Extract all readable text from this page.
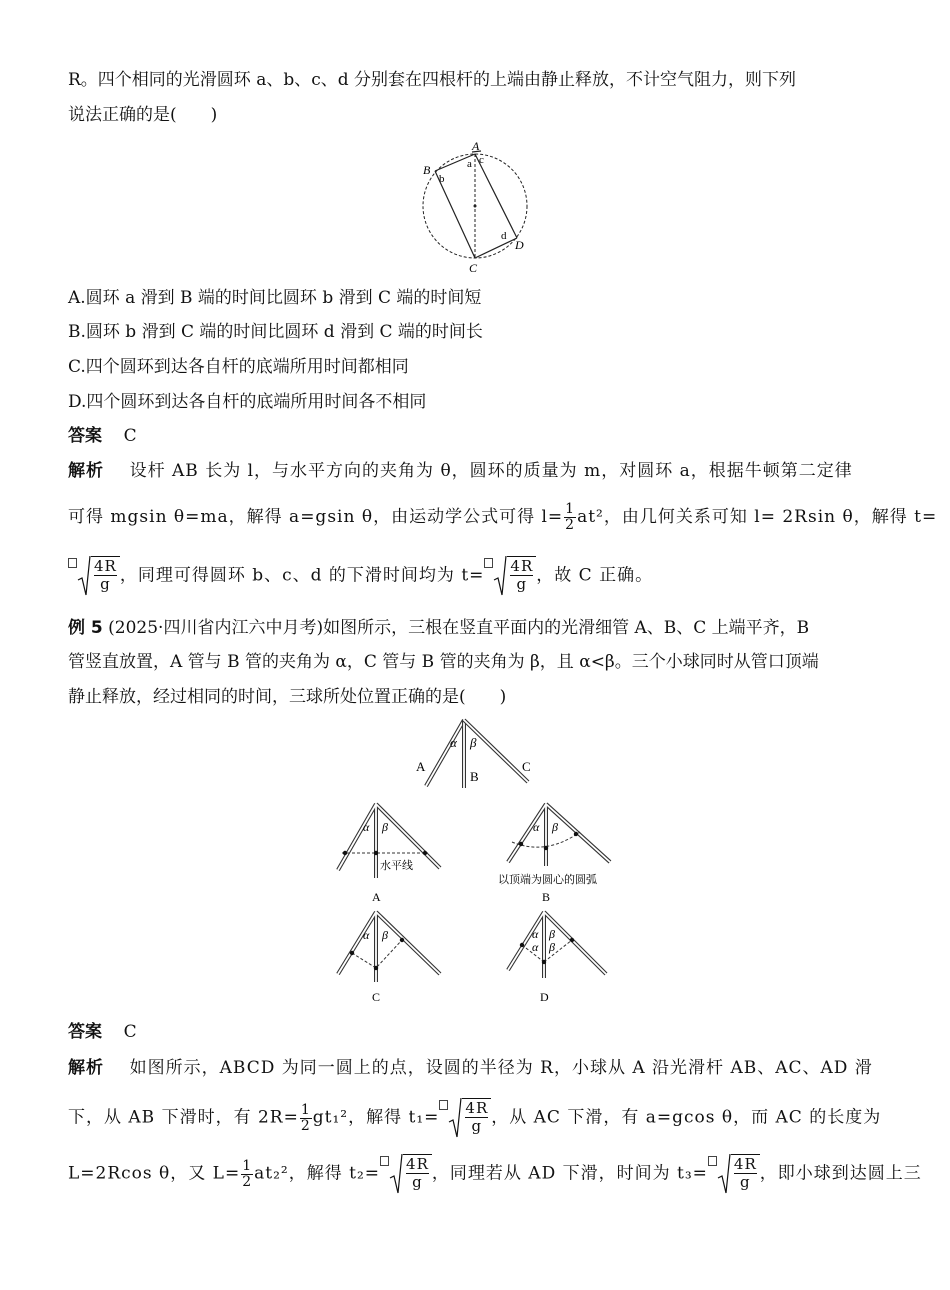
R。四个相同的光滑圆环 a、b、c、d 分别套在四根杆的上端由静止释放，不计空气阻力，则下列
说法正确的是(　　)
A
B
C
D
a
b
c
d
A.圆环 a 滑到 B 端的时间比圆环 b 滑到 C 端的时间短
B.圆环 b 滑到 C 端的时间比圆环 d 滑到 C 端的时间长
C.四个圆环到达各自杆的底端所用时间都相同
D.四个圆环到达各自杆的底端所用时间各不相同
答案 C
解析 设杆 AB 长为 l，与水平方向的夹角为 θ，圆环的质量为 m，对圆环 a，根据牛顿第二定律
可得 mgsin θ=ma，解得 a=gsin θ，由运动学公式可得 $l= \frac{1}{2} at^2$，由几何关系可知 l= 2Rsin θ，解得 t=
$\frac{4R}{g}$ ，同理可得圆环 b、c、d 的下滑时间均为 $t= \frac{4R}{g}$ ，故 C 正确。
例 5 (2025·四川省内江六中月考)如图所示，三根在竖直平面内的光滑细管 A、B、C 上端平齐，B
管竖直放置，A 管与 B 管的夹角为 α，C 管与 B 管的夹角为 β，且 α<β。三个小球同时从管口顶端
静止释放，经过相同的时间，三球所处位置正确的是(　　)
α β
A
B
C
α β
水平线
A
α β
以顶端为圆心的圆弧
B
α β
C
α β
α β
D
答案 C
解析 如图所示，ABCD 为同一圆上的点，设圆的半径为 R，小球从 A 沿光滑杆 AB、AC、AD 滑
下，从 AB 下滑时，有 $2R= \frac{1}{2} gt_1^2$，解得 $t_1= \frac{4R}{g}$ ，从 AC 下滑，有 a=gcos θ，而 AC 的长度为
L=2Rcos θ，又 $L= \frac{1}{2} at_2^2$，解得 $t_2= \frac{4R}{g}$ ，同理若从 AD 下滑，时间为 $t_3= \frac{4R}{g}$ ，即小球到达圆上三
